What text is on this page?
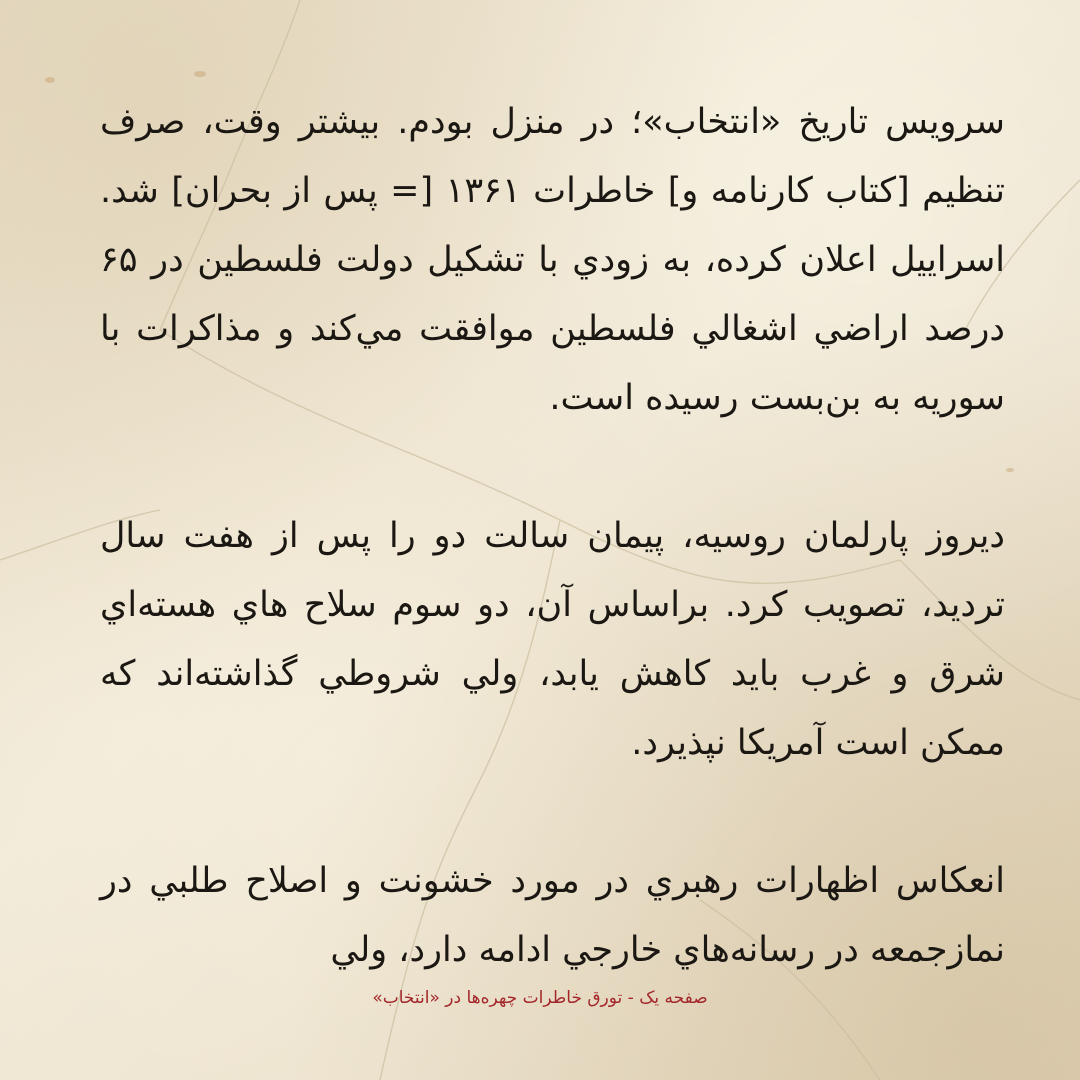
سرویس تاریخ «انتخاب»؛ در منزل بودم. بیشتر وقت، صرف تنظیم [کتاب کارنامه و] خاطرات ۱۳۶۱ [= پس از بحران] شد. اسراییل اعلان کرده، به زودي با تشکیل دولت فلسطین در ۶۵ درصد اراضي اشغالي فلسطین موافقت مي‌کند و مذاکرات با سوریه به بن‌بست رسیده است.

دیروز پارلمان روسیه، پیمان سالت دو را پس از هفت سال تردید، تصویب کرد. براساس آن، دو سوم سلاح هاي هسته‌اي شرق و غرب باید کاهش یابد، ولي شروطي گذاشته‌اند که ممکن است آمریکا نپذیرد.

انعکاس اظهارات رهبري در مورد خشونت و اصلاح طلبي در نمازجمعه در رسانه‌هاي خارجي ادامه دارد، ولي

صفحه یک - تورق خاطرات چهره‌ها در «انتخاب»
